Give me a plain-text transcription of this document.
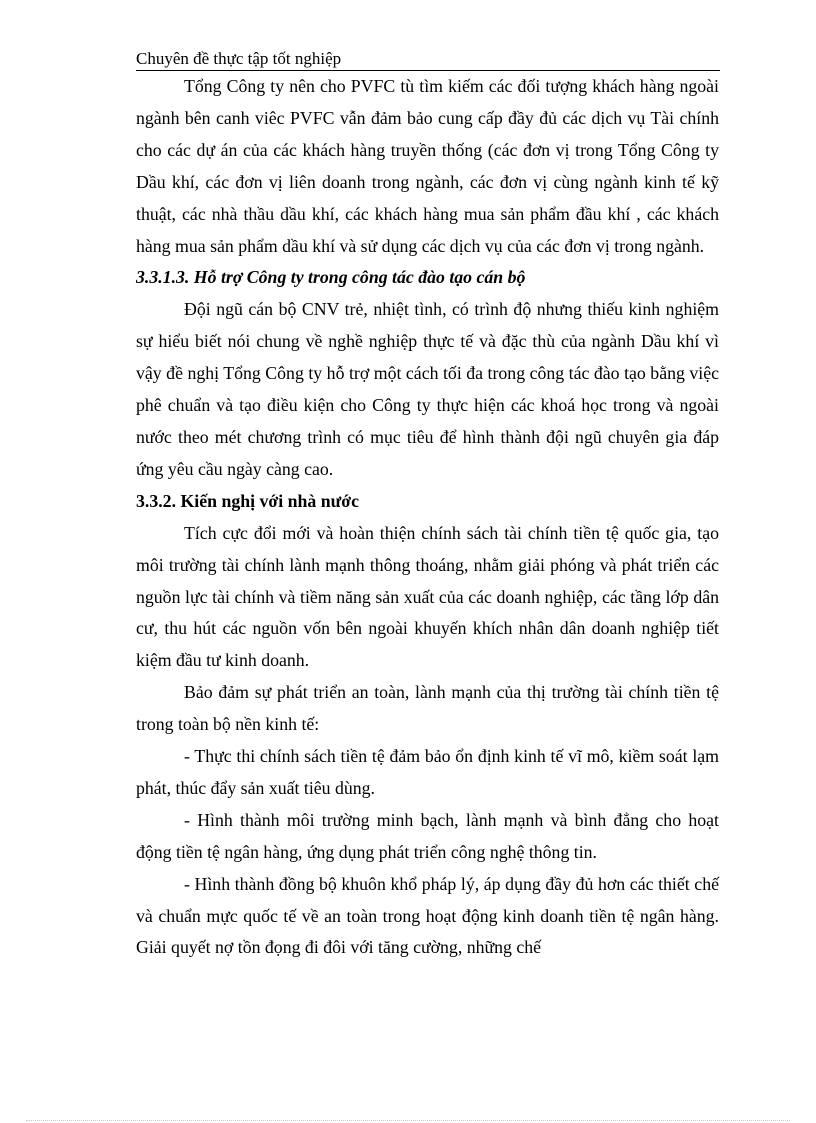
Chuyên đề thực tập tốt nghiệp

Tổng Công ty nên cho PVFC tù tìm kiếm các đối tượng khách hàng ngoài ngành bên canh viêc PVFC vẫn đảm bảo cung cấp đầy đủ các dịch vụ Tài chính cho các dự án của các khách hàng truyền thống (các đơn vị trong Tổng Công ty Dầu khí, các đơn vị liên doanh trong ngành, các đơn vị cùng ngành kinh tế kỹ thuật, các nhà thầu dầu khí, các khách hàng mua sản phẩm đầu khí , các khách hàng mua sản phẩm dầu khí và sử dụng các dịch vụ của các đơn vị trong ngành.

3.3.1.3. Hỗ trợ Công ty trong công tác đào tạo cán bộ

Đội ngũ cán bộ CNV trẻ, nhiệt tình, có trình độ nhưng thiếu kinh nghiệm sự hiểu biết nói chung về nghề nghiệp thực tế và đặc thù của ngành Dầu khí vì vậy đề nghị Tổng Công ty hỗ trợ một cách tối đa trong công tác đào tạo bằng việc phê chuẩn và tạo điều kiện cho Công ty thực hiện các khoá học trong và ngoài nước theo mét chương trình có mục tiêu để hình thành đội ngũ chuyên gia đáp ứng yêu cầu ngày càng cao.

3.3.2. Kiến nghị với nhà nước

Tích cực đổi mới và hoàn thiện chính sách tài chính tiền tệ quốc gia, tạo môi trường tài chính lành mạnh thông thoáng, nhằm giải phóng và phát triển các nguồn lực tài chính và tiềm năng sản xuất của các doanh nghiệp, các tầng lớp dân cư, thu hút các nguồn vốn bên ngoài khuyến khích nhân dân doanh nghiệp tiết kiệm đầu tư kinh doanh.

Bảo đảm sự phát triển an toàn, lành mạnh của thị trường tài chính tiền tệ trong toàn bộ nền kinh tế:

- Thực thi chính sách tiền tệ đảm bảo ổn định kinh tế vĩ mô, kiềm soát lạm phát, thúc đẩy sản xuất tiêu dùng.

- Hình thành môi trường minh bạch, lành mạnh và bình đẳng cho hoạt động tiền tệ ngân hàng, ứng dụng phát triển công nghệ thông tin.

- Hình thành đồng bộ khuôn khổ pháp lý, áp dụng đầy đủ hơn các thiết chế và chuẩn mực quốc tế về an toàn trong hoạt động kinh doanh tiền tệ ngân hàng. Giải quyết nợ tồn đọng đi đôi với tăng cường, những chế
